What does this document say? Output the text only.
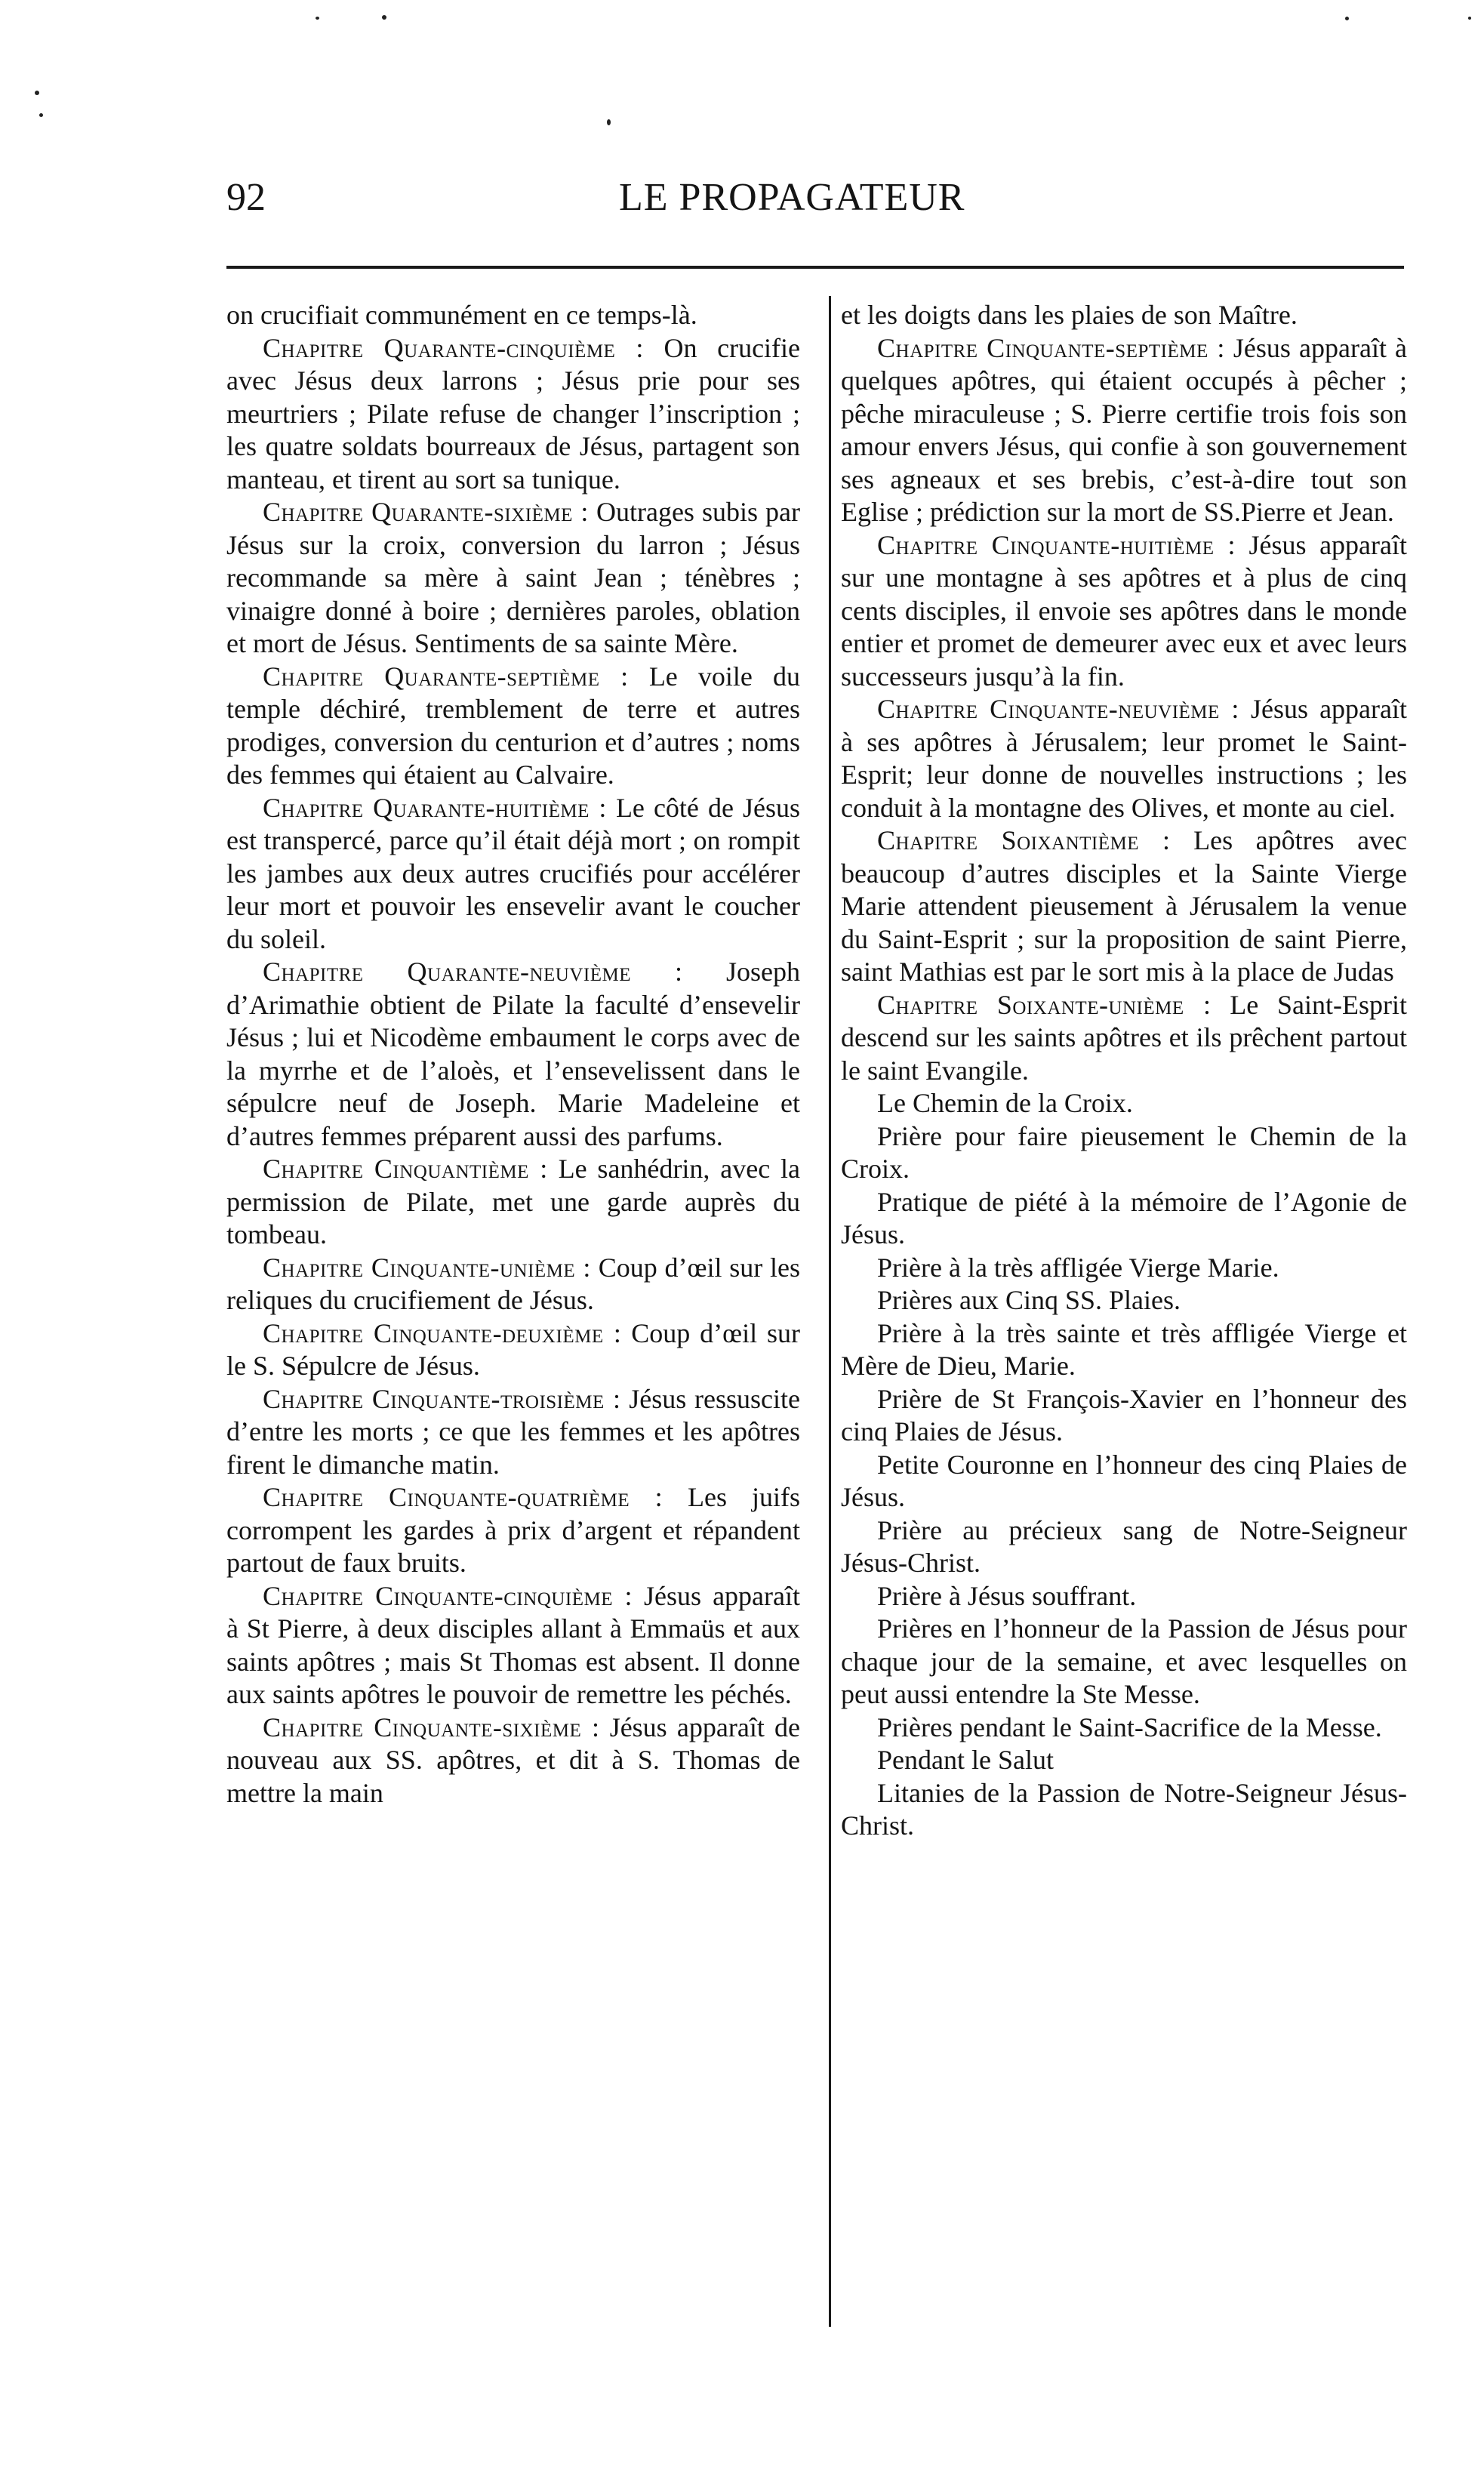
92	LE PROPAGATEUR

on crucifiait communément en ce temps-là.

Chapitre Quarante-cinquième : On crucifie avec Jésus deux larrons ; Jésus prie pour ses meurtriers ; Pilate refuse de changer l’inscription ; les quatre soldats bourreaux de Jésus, partagent son manteau, et tirent au sort sa tunique.

Chapitre Quarante-sixième : Outrages subis par Jésus sur la croix, conversion du larron ; Jésus recommande sa mère à saint Jean ; ténèbres ; vinaigre donné à boire ; dernières paroles, oblation et mort de Jésus. Sentiments de sa sainte Mère.

Chapitre Quarante-septième : Le voile du temple déchiré, tremblement de terre et autres prodiges, conversion du centurion et d’autres ; noms des femmes qui étaient au Calvaire.

Chapitre Quarante-huitième : Le côté de Jésus est transpercé, parce qu’il était déjà mort ; on rompit les jambes aux deux autres crucifiés pour accélérer leur mort et pouvoir les ensevelir avant le coucher du soleil.

Chapitre Quarante-neuvième : Joseph d’Arimathie obtient de Pilate la faculté d’ensevelir Jésus ; lui et Nicodème embaument le corps avec de la myrrhe et de l’aloès, et l’ensevelissent dans le sépulcre neuf de Joseph. Marie Madeleine et d’autres femmes préparent aussi des parfums.

Chapitre Cinquantième : Le sanhédrin, avec la permission de Pilate, met une garde auprès du tombeau.

Chapitre Cinquante-unième : Coup d’œil sur les reliques du crucifiement de Jésus.

Chapitre Cinquante-deuxième : Coup d’œil sur le S. Sépulcre de Jésus.

Chapitre Cinquante-troisième : Jésus ressuscite d’entre les morts ; ce que les femmes et les apôtres firent le dimanche matin.

Chapitre Cinquante-quatrième : Les juifs corrompent les gardes à prix d’argent et répandent partout de faux bruits.

Chapitre Cinquante-cinquième : Jésus apparaît à St Pierre, à deux disciples allant à Emmaüs et aux saints apôtres ; mais St Thomas est absent. Il donne aux saints apôtres le pouvoir de remettre les péchés.

Chapitre Cinquante-sixième : Jésus apparaît de nouveau aux SS. apôtres, et dit à S. Thomas de mettre la main

et les doigts dans les plaies de son Maître.

Chapitre Cinquante-septième : Jésus apparaît à quelques apôtres, qui étaient occupés à pêcher ; pêche miraculeuse ; S. Pierre certifie trois fois son amour envers Jésus, qui confie à son gouvernement ses agneaux et ses brebis, c’est-à-dire tout son Eglise ; prédiction sur la mort de SS.Pierre et Jean.

Chapitre Cinquante-huitième : Jésus apparaît sur une montagne à ses apôtres et à plus de cinq cents disciples, il envoie ses apôtres dans le monde entier et promet de demeurer avec eux et avec leurs successeurs jusqu’à la fin.

Chapitre Cinquante-neuvième : Jésus apparaît à ses apôtres à Jérusalem; leur promet le Saint-Esprit; leur donne de nouvelles instructions ; les conduit à la montagne des Olives, et monte au ciel.

Chapitre Soixantième : Les apôtres avec beaucoup d’autres disciples et la Sainte Vierge Marie attendent pieusement à Jérusalem la venue du Saint-Esprit ; sur la proposition de saint Pierre, saint Mathias est par le sort mis à la place de Judas

Chapitre Soixante-unième : Le Saint-Esprit descend sur les saints apôtres et ils prêchent partout le saint Evangile.

Le Chemin de la Croix.

Prière pour faire pieusement le Chemin de la Croix.

Pratique de piété à la mémoire de l’Agonie de Jésus.

Prière à la très affligée Vierge Marie.

Prières aux Cinq SS. Plaies.

Prière à la très sainte et très affligée Vierge et Mère de Dieu, Marie.

Prière de St François-Xavier en l’honneur des cinq Plaies de Jésus.

Petite Couronne en l’honneur des cinq Plaies de Jésus.

Prière au précieux sang de Notre-Seigneur Jésus-Christ.

Prière à Jésus souffrant.

Prières en l’honneur de la Passion de Jésus pour chaque jour de la semaine, et avec lesquelles on peut aussi entendre la Ste Messe.

Prières pendant le Saint-Sacrifice de la Messe.

Pendant le Salut

Litanies de la Passion de Notre-Seigneur Jésus-Christ.
